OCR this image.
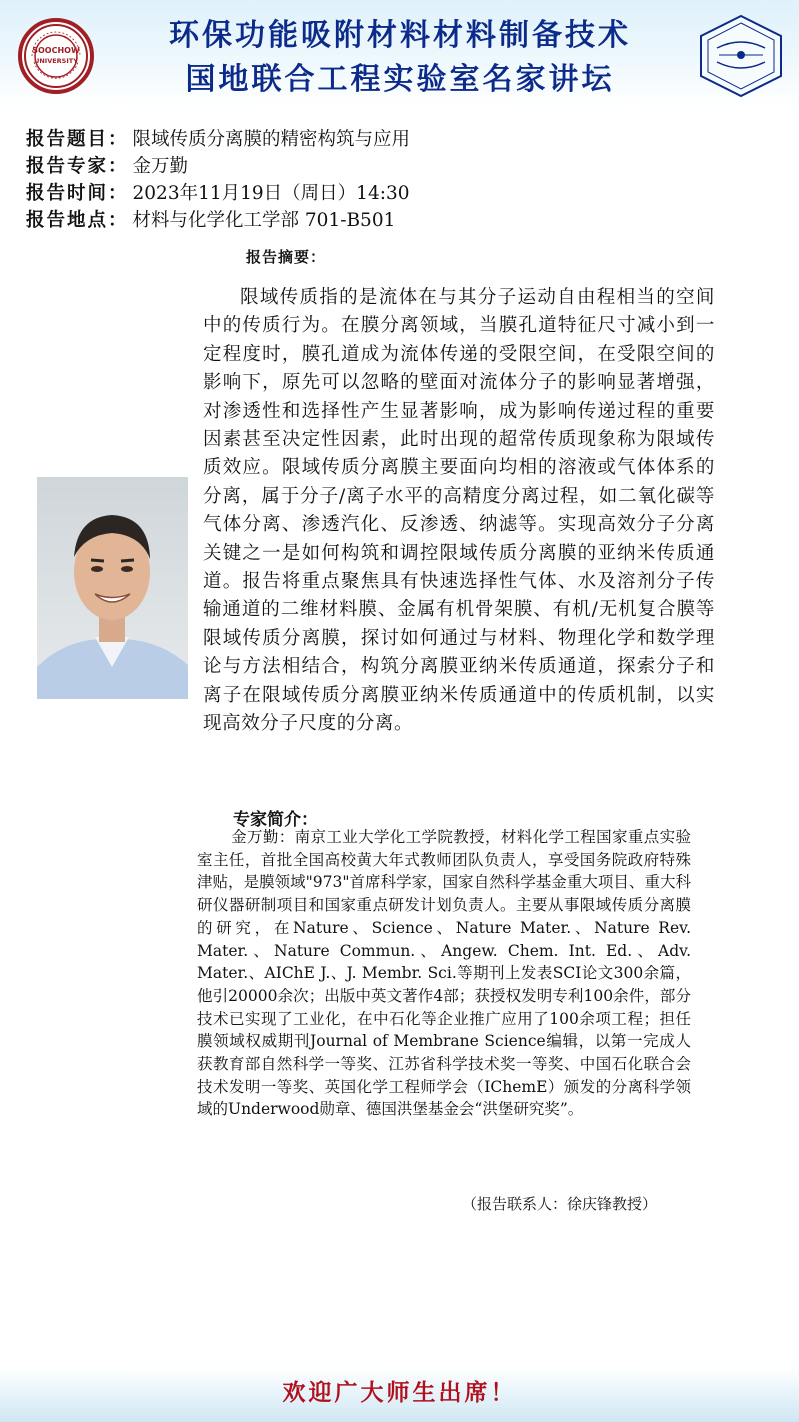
SOOCHOW
UNIVERSITY
环保功能吸附材料材料制备技术
国地联合工程实验室名家讲坛
报告题目： 限域传质分离膜的精密构筑与应用
报告专家： 金万勤
报告时间： 2023年11月19日（周日）14:30
报告地点： 材料与化学化工学部 701-B501
报告摘要：
限域传质指的是流体在与其分子运动自由程相当的空间中的传质行为。在膜分离领域，当膜孔道特征尺寸减小到一定程度时，膜孔道成为流体传递的受限空间，在受限空间的影响下，原先可以忽略的壁面对流体分子的影响显著增强，对渗透性和选择性产生显著影响，成为影响传递过程的重要因素甚至决定性因素，此时出现的超常传质现象称为限域传质效应。限域传质分离膜主要面向均相的溶液或气体体系的分离，属于分子/离子水平的高精度分离过程，如二氧化碳等气体分离、渗透汽化、反渗透、纳滤等。实现高效分子分离关键之一是如何构筑和调控限域传质分离膜的亚纳米传质通道。报告将重点聚焦具有快速选择性气体、水及溶剂分子传输通道的二维材料膜、金属有机骨架膜、有机/无机复合膜等限域传质分离膜，探讨如何通过与材料、物理化学和数学理论与方法相结合，构筑分离膜亚纳米传质通道，探索分子和离子在限域传质分离膜亚纳米传质通道中的传质机制，以实现高效分子尺度的分离。
专家简介：
金万勤：南京工业大学化工学院教授，材料化学工程国家重点实验室主任，首批全国高校黄大年式教师团队负责人，享受国务院政府特殊津贴，是膜领域"973"首席科学家，国家自然科学基金重大项目、重大科研仪器研制项目和国家重点研发计划负责人。主要从事限域传质分离膜的研究，在Nature、Science、Nature Mater.、Nature Rev. Mater.、Nature Commun.、Angew. Chem. Int. Ed.、Adv. Mater.、AIChE J.、J. Membr. Sci.等期刊上发表SCI论文300余篇，他引20000余次；出版中英文著作4部；获授权发明专利100余件，部分技术已实现了工业化，在中石化等企业推广应用了100余项工程；担任膜领域权威期刊Journal of Membrane Science编辑，以第一完成人获教育部自然科学一等奖、江苏省科学技术奖一等奖、中国石化联合会技术发明一等奖、英国化学工程师学会（IChemE）颁发的分离科学领域的Underwood勋章、德国洪堡基金会“洪堡研究奖”。
（报告联系人：徐庆锋教授）
欢迎广大师生出席！
